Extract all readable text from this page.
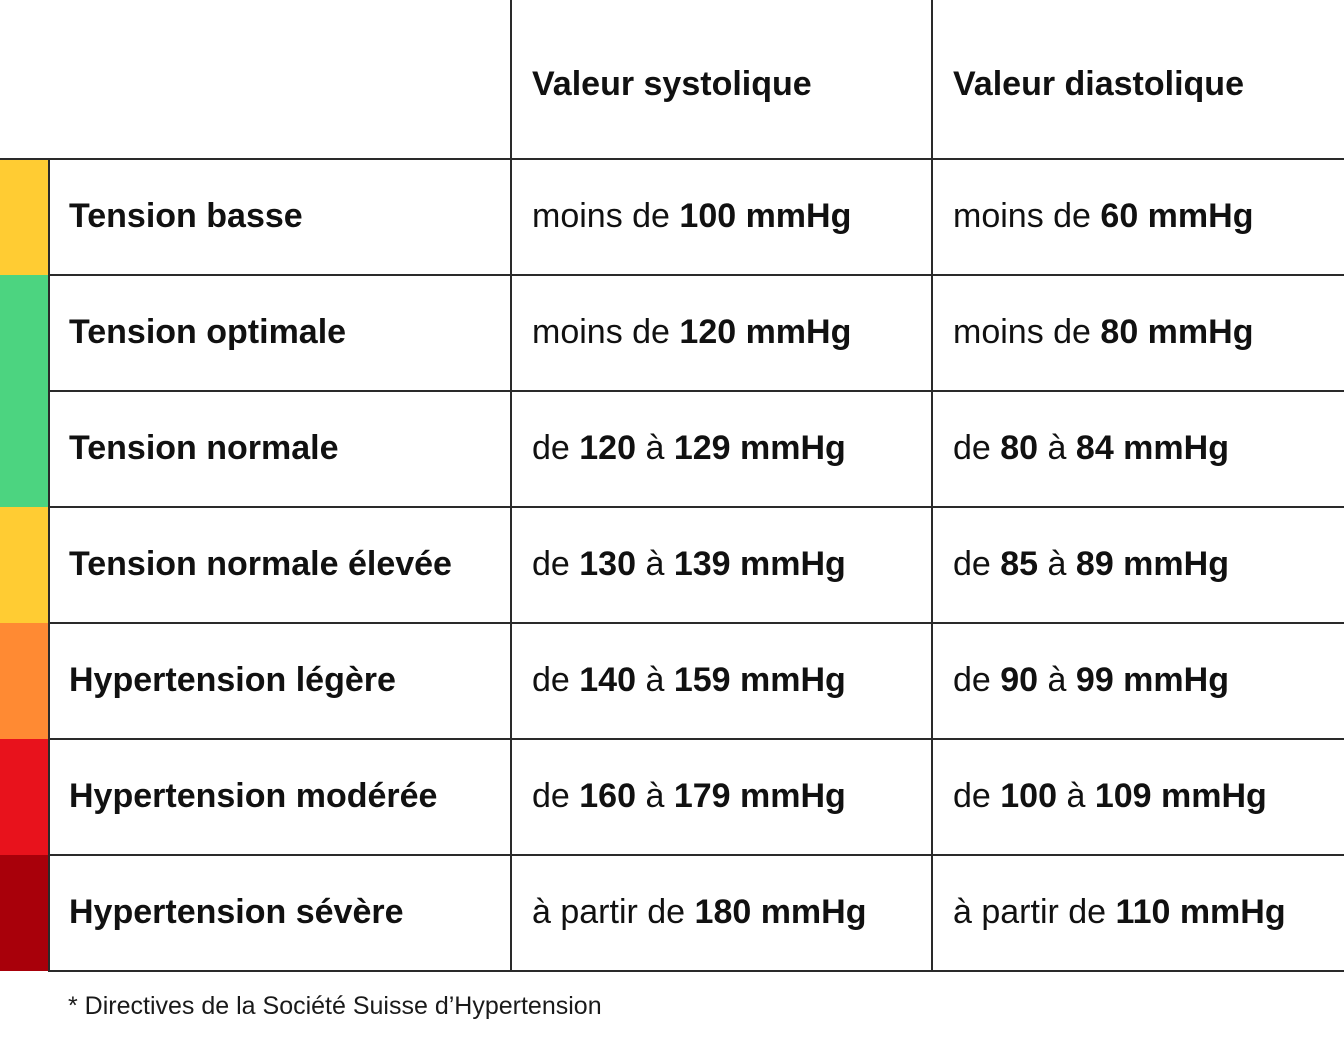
		Valeur systolique	Valeur diastolique
	Tension basse	moins de 100 mmHg	moins de 60 mmHg
	Tension optimale	moins de 120 mmHg	moins de 80 mmHg
	Tension normale	de 120 à 129 mmHg	de 80 à 84 mmHg
	Tension normale élevée	de 130 à 139 mmHg	de 85 à 89 mmHg
	Hypertension légère	de 140 à 159 mmHg	de 90 à 99 mmHg
	Hypertension modérée	de 160 à 179 mmHg	de 100 à 109 mmHg
	Hypertension sévère	à partir de 180 mmHg	à partir de 110 mmHg
* Directives de la Société Suisse d’Hypertension
